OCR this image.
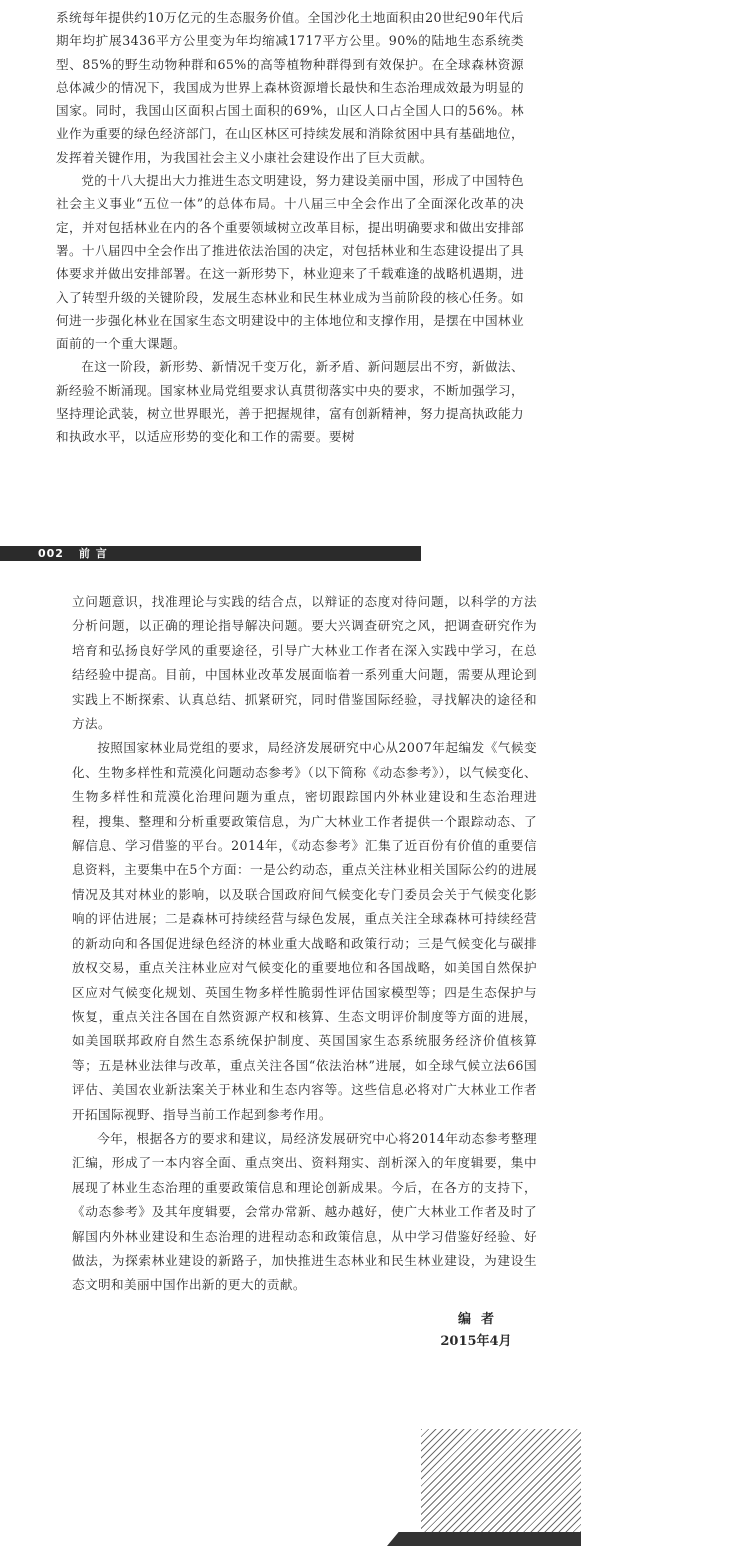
系统每年提供约10万亿元的生态服务价值。全国沙化土地面积由20世纪90年代后期年均扩展3436平方公里变为年均缩减1717平方公里。90%的陆地生态系统类型、85%的野生动物种群和65%的高等植物种群得到有效保护。在全球森林资源总体减少的情况下，我国成为世界上森林资源增长最快和生态治理成效最为明显的国家。同时，我国山区面积占国土面积的69%，山区人口占全国人口的56%。林业作为重要的绿色经济部门，在山区林区可持续发展和消除贫困中具有基础地位，发挥着关键作用，为我国社会主义小康社会建设作出了巨大贡献。

党的十八大提出大力推进生态文明建设，努力建设美丽中国，形成了中国特色社会主义事业“五位一体”的总体布局。十八届三中全会作出了全面深化改革的决定，并对包括林业在内的各个重要领域树立改革目标，提出明确要求和做出安排部署。十八届四中全会作出了推进依法治国的决定，对包括林业和生态建设提出了具体要求并做出安排部署。在这一新形势下，林业迎来了千载难逢的战略机遇期，进入了转型升级的关键阶段，发展生态林业和民生林业成为当前阶段的核心任务。如何进一步强化林业在国家生态文明建设中的主体地位和支撑作用，是摆在中国林业面前的一个重大课题。

在这一阶段，新形势、新情况千变万化，新矛盾、新问题层出不穷，新做法、新经验不断涌现。国家林业局党组要求认真贯彻落实中央的要求，不断加强学习，坚持理论武装，树立世界眼光，善于把握规律，富有创新精神，努力提高执政能力和执政水平，以适应形势的变化和工作的需要。要树

002 前言

立问题意识，找准理论与实践的结合点，以辩证的态度对待问题，以科学的方法分析问题，以正确的理论指导解决问题。要大兴调查研究之风，把调查研究作为培育和弘扬良好学风的重要途径，引导广大林业工作者在深入实践中学习，在总结经验中提高。目前，中国林业改革发展面临着一系列重大问题，需要从理论到实践上不断探索、认真总结、抓紧研究，同时借鉴国际经验，寻找解决的途径和方法。

按照国家林业局党组的要求，局经济发展研究中心从2007年起编发《气候变化、生物多样性和荒漠化问题动态参考》（以下简称《动态参考》），以气候变化、生物多样性和荒漠化治理问题为重点，密切跟踪国内外林业建设和生态治理进程，搜集、整理和分析重要政策信息，为广大林业工作者提供一个跟踪动态、了解信息、学习借鉴的平台。2014年，《动态参考》汇集了近百份有价值的重要信息资料，主要集中在5个方面：一是公约动态，重点关注林业相关国际公约的进展情况及其对林业的影响，以及联合国政府间气候变化专门委员会关于气候变化影响的评估进展；二是森林可持续经营与绿色发展，重点关注全球森林可持续经营的新动向和各国促进绿色经济的林业重大战略和政策行动；三是气候变化与碳排放权交易，重点关注林业应对气候变化的重要地位和各国战略，如美国自然保护区应对气候变化规划、英国生物多样性脆弱性评估国家模型等；四是生态保护与恢复，重点关注各国在自然资源产权和核算、生态文明评价制度等方面的进展，如美国联邦政府自然生态系统保护制度、英国国家生态系统服务经济价值核算等；五是林业法律与改革，重点关注各国“依法治林”进展，如全球气候立法66国评估、美国农业新法案关于林业和生态内容等。这些信息必将对广大林业工作者开拓国际视野、指导当前工作起到参考作用。

今年，根据各方的要求和建议，局经济发展研究中心将2014年动态参考整理汇编，形成了一本内容全面、重点突出、资料翔实、剖析深入的年度辑要，集中展现了林业生态治理的重要政策信息和理论创新成果。今后，在各方的支持下，《动态参考》及其年度辑要，会常办常新、越办越好，使广大林业工作者及时了解国内外林业建设和生态治理的进程动态和政策信息，从中学习借鉴好经验、好做法，为探索林业建设的新路子，加快推进生态林业和民生林业建设，为建设生态文明和美丽中国作出新的更大的贡献。

编者
2015年4月
